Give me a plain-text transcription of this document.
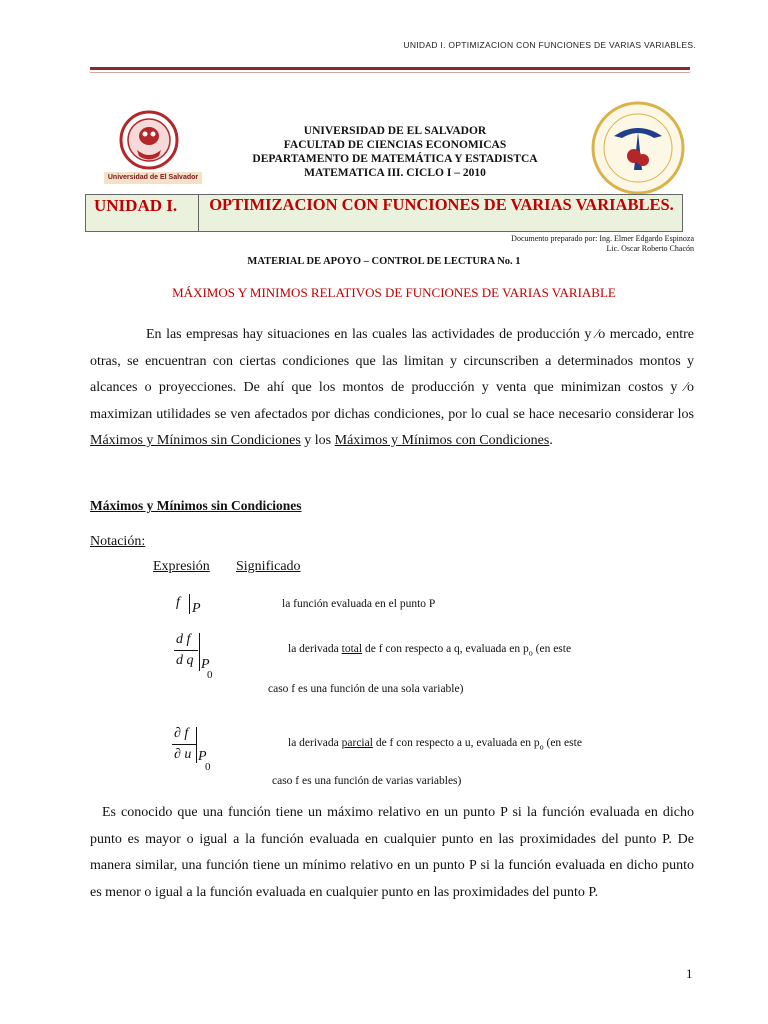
UNIDAD I. OPTIMIZACION CON FUNCIONES DE VARIAS VARIABLES.
Universidad de El Salvador
UNIVERSIDAD DE EL SALVADOR
FACULTAD DE CIENCIAS ECONOMICAS
DEPARTAMENTO DE MATEMÁTICA Y ESTADISTCA
MATEMATICA III. CICLO I – 2010
UNIDAD I.	OPTIMIZACION CON FUNCIONES DE VARIAS VARIABLES.
Documento preparado por: Ing. Elmer Edgardo Espinoza
Lic. Oscar Roberto Chacón
MATERIAL DE APOYO – CONTROL DE LECTURA No. 1
MÁXIMOS Y MINIMOS RELATIVOS DE FUNCIONES DE VARIAS VARIABLE
En las empresas hay situaciones en las cuales las actividades de producción y ⁄o mercado, entre otras, se encuentran con ciertas condiciones que las limitan y circunscriben a determinados montos y alcances o proyecciones. De ahí que los montos de producción y venta que minimizan costos y ⁄o maximizan utilidades se ven afectados por dichas condiciones, por lo cual se hace necesario considerar los Máximos y Mínimos sin Condiciones y los Máximos y Mínimos con Condiciones.
Máximos y Mínimos sin Condiciones
Notación:
Expresión Significado
f P	la función evaluada en el punto P
d f
d q P
0
la derivada total de f con respecto a q, evaluada en $p_o$ (en este
caso f es una función de una sola variable)
∂ f
∂ u P
0
la derivada parcial de f con respecto a u, evaluada en $p_o$ (en este
caso f es una función de varias variables)
Es conocido que una función tiene un máximo relativo en un punto P si la función evaluada en dicho punto es mayor o igual a la función evaluada en cualquier punto en las proximidades del punto P. De manera similar, una función tiene un mínimo relativo en un punto P si la función evaluada en dicho punto es menor o igual a la función evaluada en cualquier punto en las proximidades del punto P.
1
